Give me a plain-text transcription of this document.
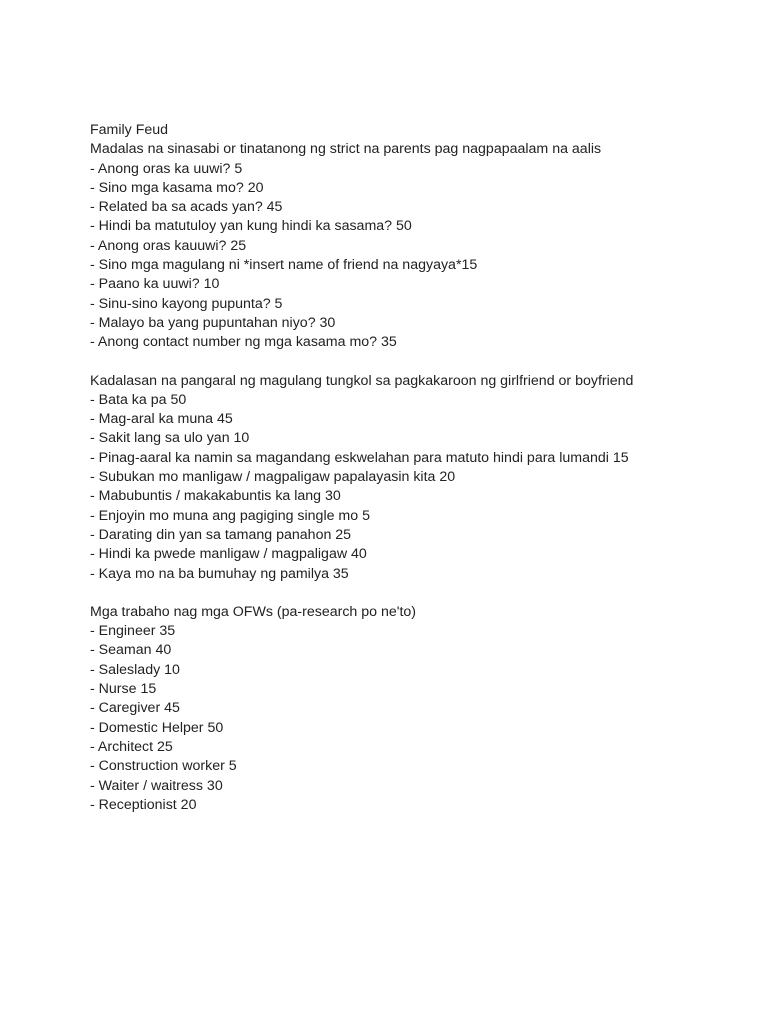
Family Feud
Madalas na sinasabi or tinatanong ng strict na parents pag nagpapaalam na aalis
- Anong oras ka uuwi? 5
- Sino mga kasama mo? 20
- Related ba sa acads yan? 45
- Hindi ba matutuloy yan kung hindi ka sasama? 50
- Anong oras kauuwi? 25
- Sino mga magulang ni *insert name of friend na nagyaya*15
- Paano ka uuwi? 10
- Sinu-sino kayong pupunta? 5
- Malayo ba yang pupuntahan niyo? 30
- Anong contact number ng mga kasama mo? 35
Kadalasan na pangaral ng magulang tungkol sa pagkakaroon ng girlfriend or boyfriend
- Bata ka pa 50
- Mag-aral ka muna 45
- Sakit lang sa ulo yan 10
- Pinag-aaral ka namin sa magandang eskwelahan para matuto hindi para lumandi 15
- Subukan mo manligaw / magpaligaw papalayasin kita 20
- Mabubuntis / makakabuntis ka lang 30
- Enjoyin mo muna ang pagiging single mo 5
- Darating din yan sa tamang panahon 25
- Hindi ka pwede manligaw / magpaligaw 40
- Kaya mo na ba bumuhay ng pamilya 35
Mga trabaho nag mga OFWs (pa-research po ne'to)
- Engineer 35
- Seaman 40
- Saleslady 10
- Nurse 15
- Caregiver 45
- Domestic Helper 50
- Architect 25
- Construction worker 5
- Waiter / waitress 30
- Receptionist 20
